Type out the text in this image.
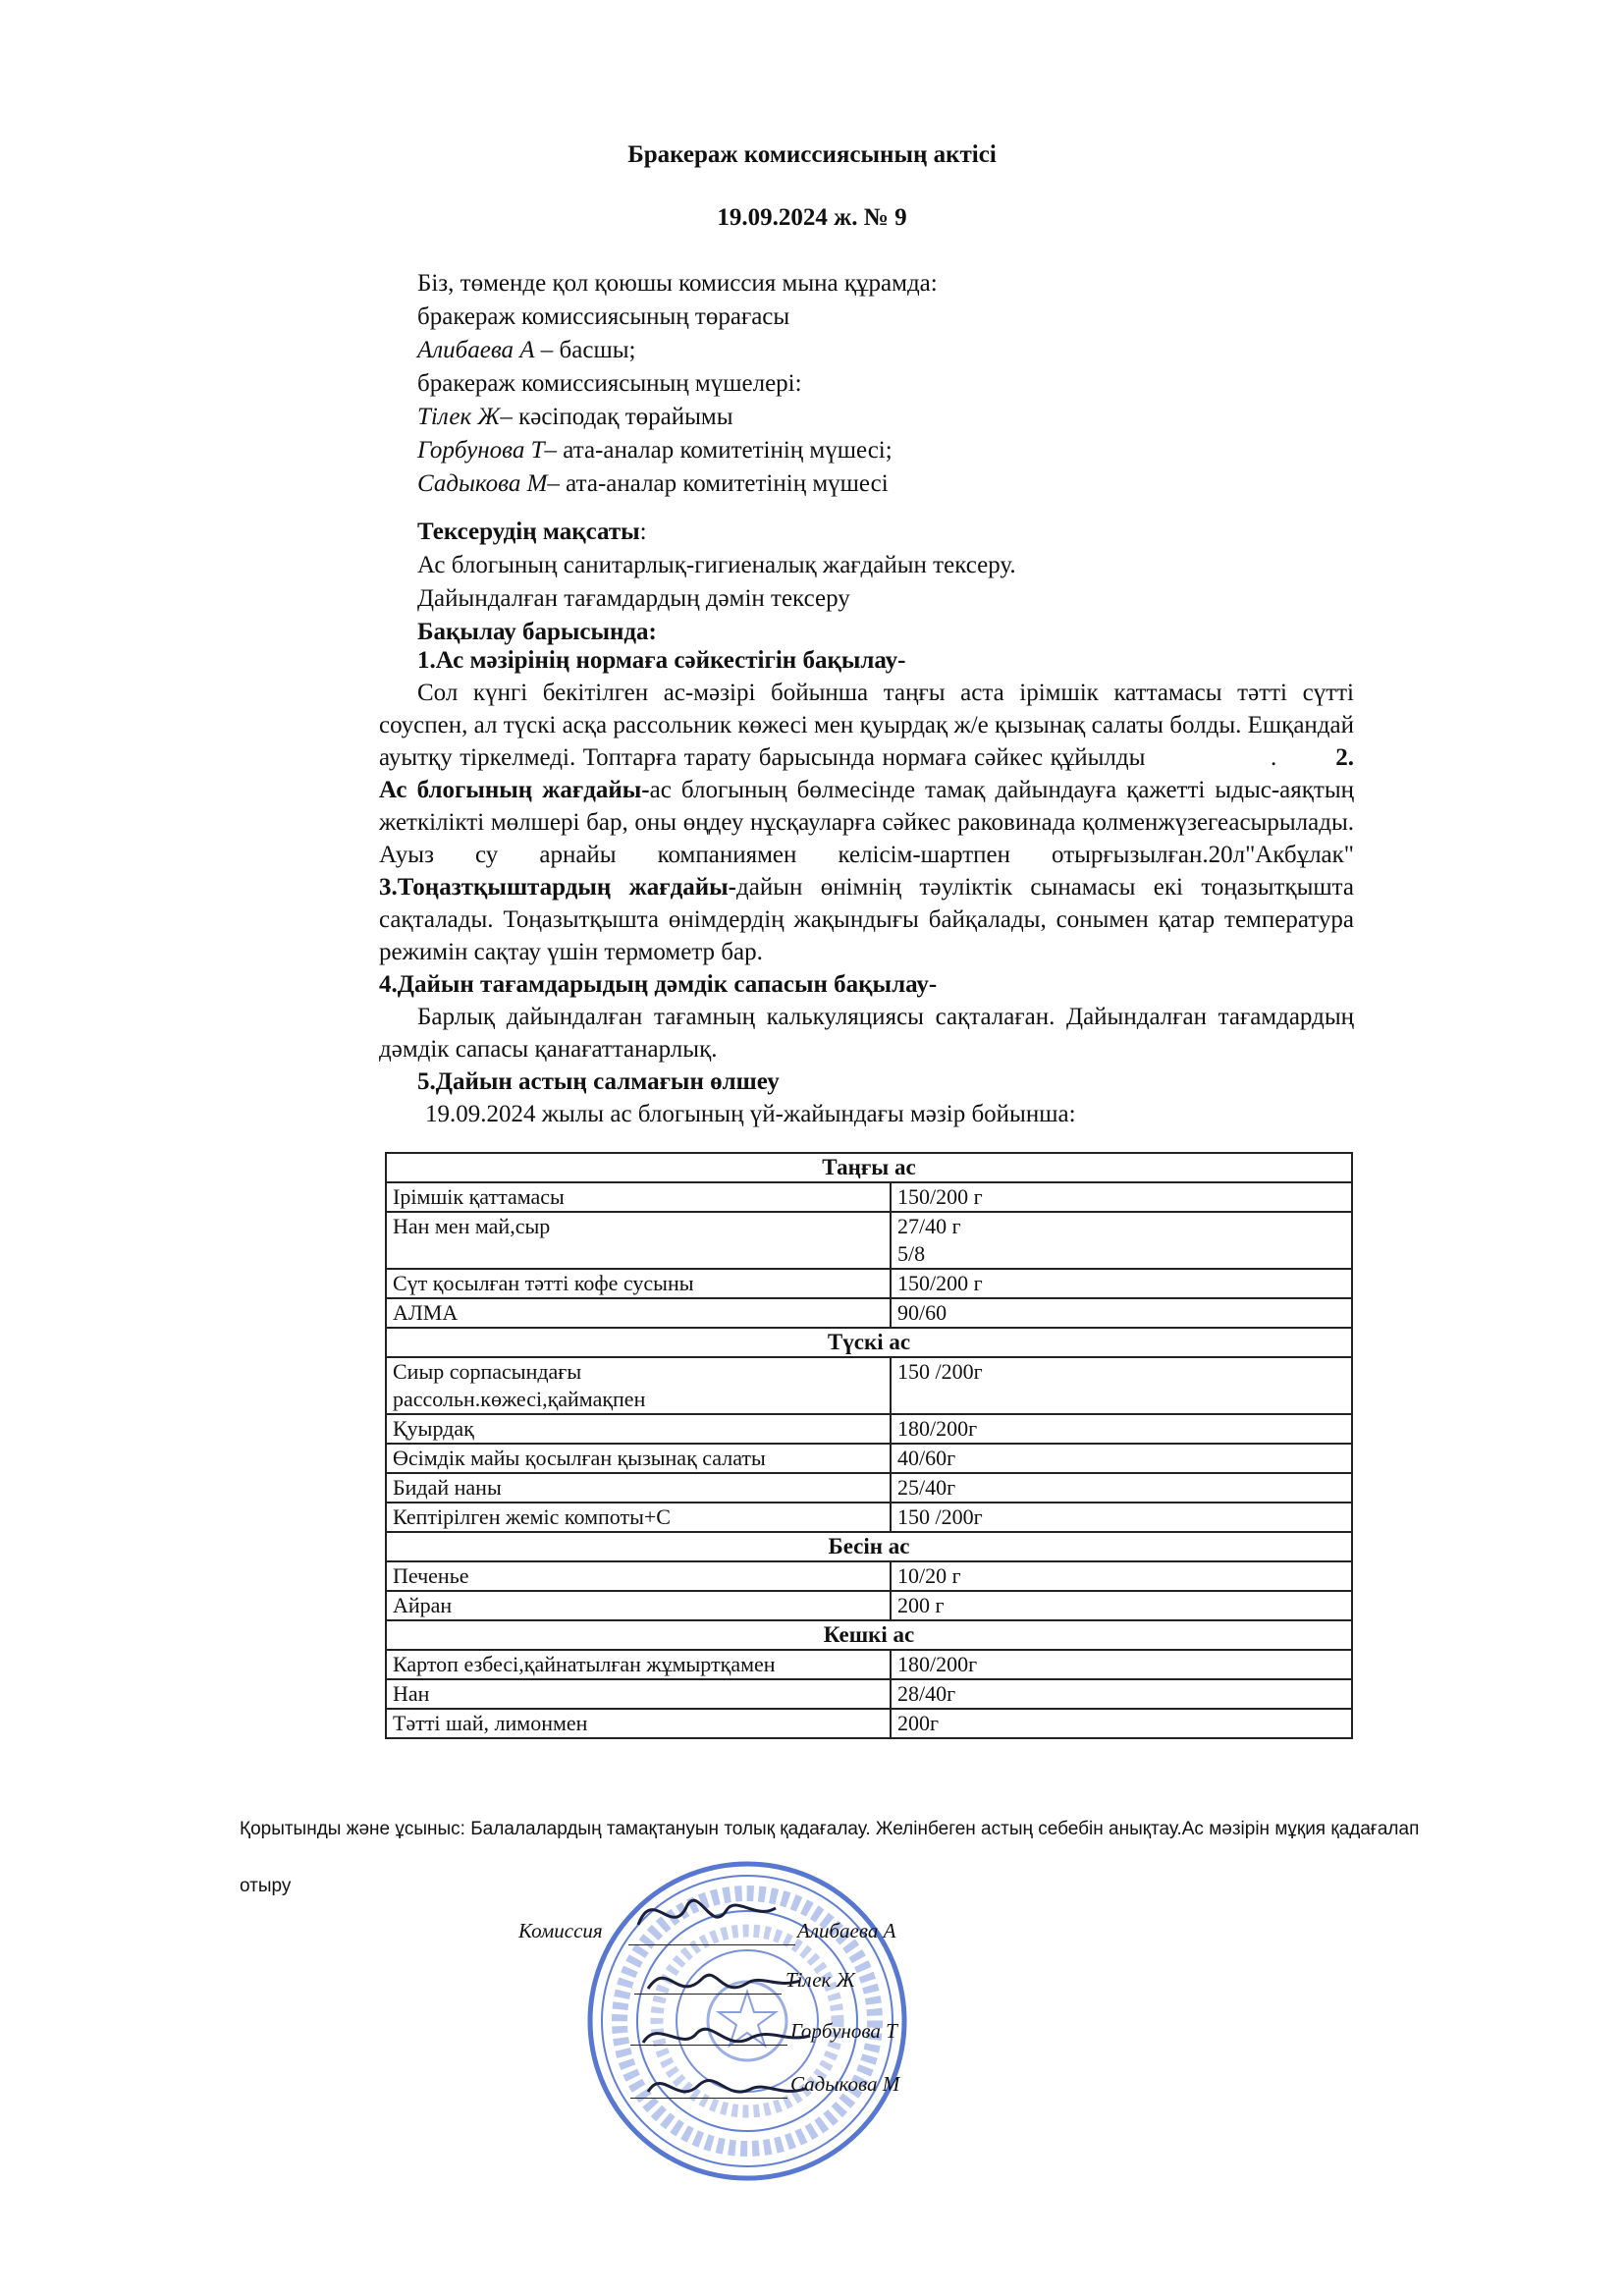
Бракераж комиссиясының актісі
19.09.2024 ж. № 9

Біз, төменде қол қоюшы комиссия мына құрамда:

бракераж комиссиясының төрағасы

Алибаева А – басшы;

бракераж комиссиясының мүшелері:

Тілек Ж– кәсіподақ төрайымы

Горбунова Т– ата-аналар комитетінің мүшесі;

Садыкова М– ата-аналар комитетінің мүшесі

Тексерудің мақсаты:

Ас блогының санитарлық-гигиеналық жағдайын тексеру.

Дайындалған тағамдардың дәмін тексеру

Бақылау барысында:

1.Ас мәзірінің нормаға сәйкестігін бақылау-

Сол күнгі бекітілген ас-мәзірі бойынша таңғы аста ірімшік каттамасы тәтті сүтті соуспен, ал түскі асқа рассольник көжесі мен қуырдақ ж/е қызынақ салаты болды. Ешқандай ауытқу тіркелмеді. Топтарға тарату барысында нормаға сәйкес құйылды	. 2. Ас блогының жағдайы-ас блогының бөлмесінде тамақ дайындауға қажетті ыдыс-аяқтың жеткілікті мөлшері бар, оны өңдеу нұсқауларға сәйкес раковинада қолменжүзегеасырылады. Ауыз су арнайы компаниямен келісім-шартпен отырғызылған.20л"Акбұлак" 3.Тоңазтқыштардың жағдайы-дайын өнімнің тәуліктік сынамасы екі тоңазытқышта сақталады. Тоңазытқышта өнімдердің жақындығы байқалады, сонымен қатар температура режимін сақтау үшін термометр бар.

4.Дайын тағамдарыдың дәмдік сапасын бақылау-

Барлық дайындалған тағамның калькуляциясы сақталаған. Дайындалған тағамдардың дәмдік сапасы қанағаттанарлық.

5.Дайын астың салмағын өлшеу

19.09.2024 жылы ас блогының үй-жайындағы мәзір бойынша:

Таңғы ас	
Ірімшік қаттамасы	150/200 г
Нан мен май,сыр	27/40 г
5/8
Сүт қосылған тәтті кофе сусыны	150/200 г
АЛМА	90/60
Түскі ас	
Сиыр сорпасындағы
рассольн.көжесі,қаймақпен	150 /200г
Қуырдақ	180/200г
Өсімдік майы қосылған қызынақ салаты	40/60г
Бидай наны	25/40г
Кептірілген жеміс компоты+С	150 /200г
Бесін ас	
Печенье	10/20 г
Айран	200 г
Кешкі ас	
Картоп езбесі,қайнатылған жұмыртқамен	180/200г
Нан	28/40г
Тәтті шай, лимонмен	200г

Қорытынды және ұсыныс: Балалалардың тамақтануын толық қадағалау. Желінбеген астың себебін анықтау.Ас мәзірін мұқия қадағалап

отыру

Комиссия	Алибаева А
Тілек Ж
Горбунова Т
Садыкова М
